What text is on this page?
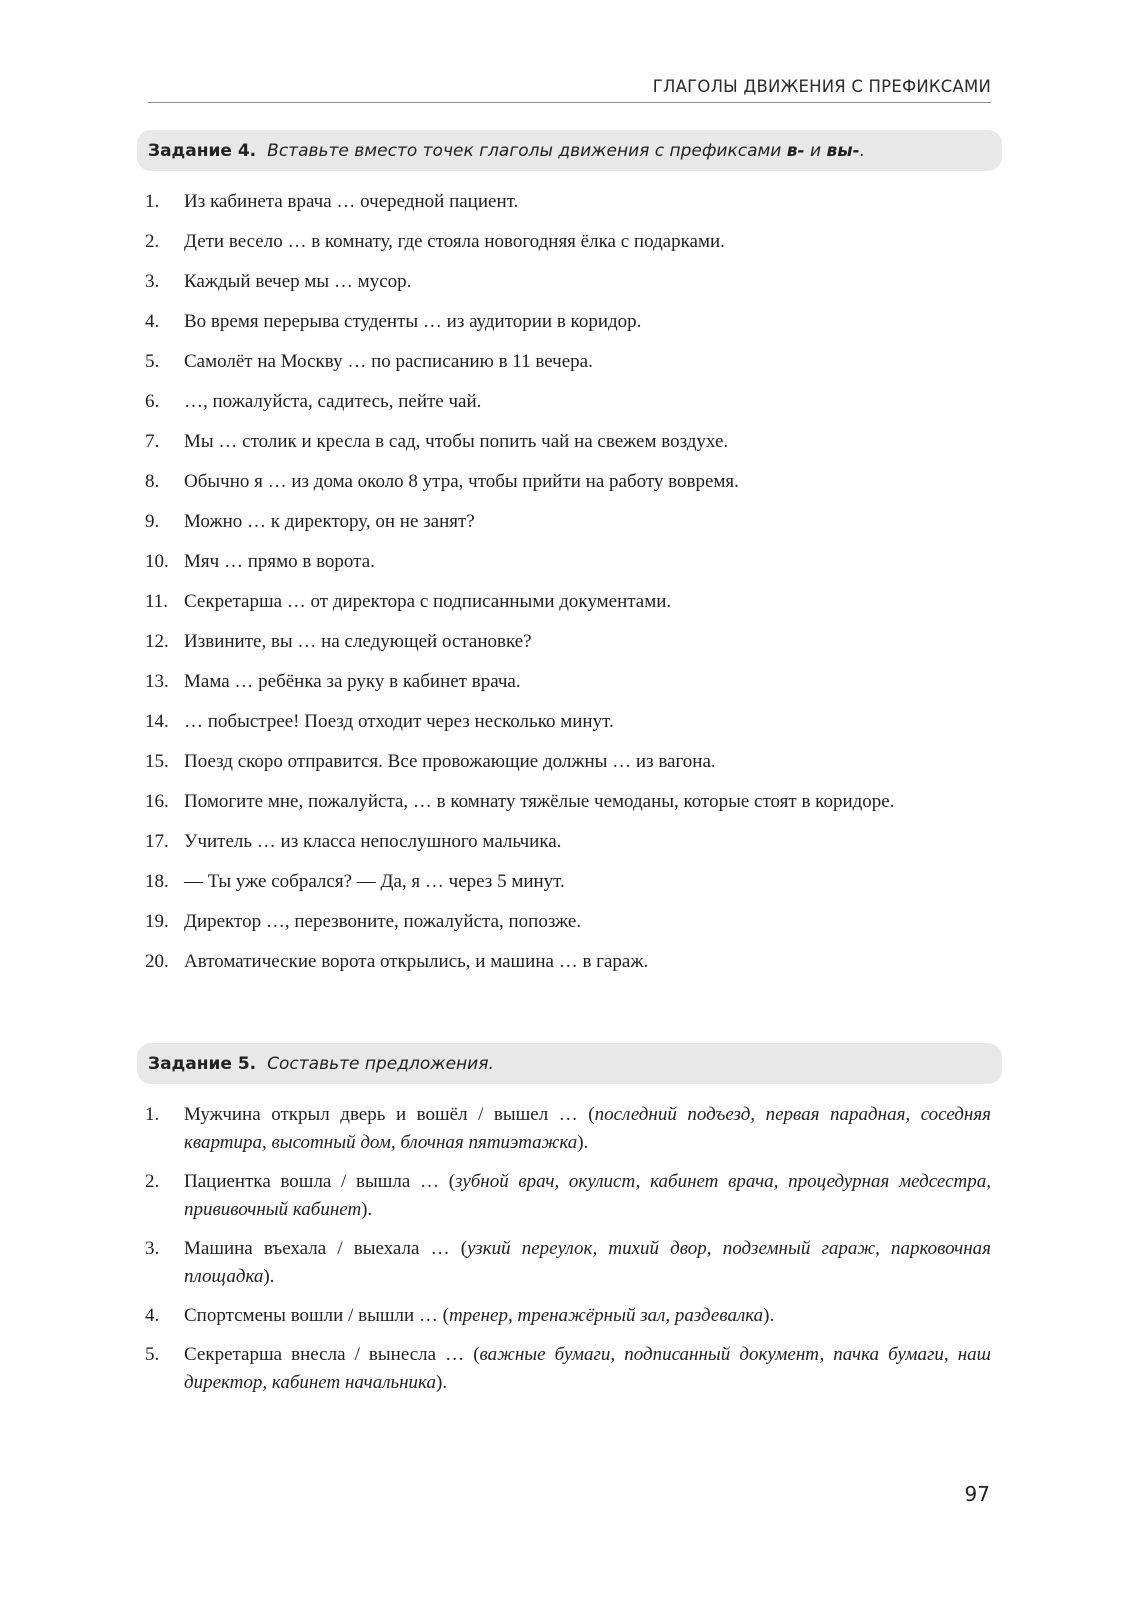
ГЛАГОЛЫ ДВИЖЕНИЯ С ПРЕФИКСАМИ
Задание 4. Вставьте вместо точек глаголы движения с префиксами в- и вы-.
1.	Из кабинета врача … очередной пациент.
2.	Дети весело … в комнату, где стояла новогодняя ёлка с подарками.
3.	Каждый вечер мы … мусор.
4.	Во время перерыва студенты … из аудитории в коридор.
5.	Самолёт на Москву … по расписанию в 11 вечера.
6.	…, пожалуйста, садитесь, пейте чай.
7.	Мы … столик и кресла в сад, чтобы попить чай на свежем воздухе.
8.	Обычно я … из дома около 8 утра, чтобы прийти на работу вовремя.
9.	Можно … к директору, он не занят?
10. Мяч … прямо в ворота.
11. Секретарша … от директора с подписанными документами.
12. Извините, вы … на следующей остановке?
13. Мама … ребёнка за руку в кабинет врача.
14. … побыстрее! Поезд отходит через несколько минут.
15. Поезд скоро отправится. Все провожающие должны … из вагона.
16. Помогите мне, пожалуйста, … в комнату тяжёлые чемоданы, которые стоят в коридоре.
17. Учитель … из класса непослушного мальчика.
18. — Ты уже собрался? — Да, я … через 5 минут.
19. Директор …, перезвоните, пожалуйста, попозже.
20. Автоматические ворота открылись, и машина … в гараж.
Задание 5. Составьте предложения.
1.	Мужчина открыл дверь и вошёл / вышел … (последний подъезд, первая парадная, соседняя квартира, высотный дом, блочная пятиэтажка).
2.	Пациентка вошла / вышла … (зубной врач, окулист, кабинет врача, процедурная медсестра, прививочный кабинет).
3.	Машина въехала / выехала … (узкий переулок, тихий двор, подземный гараж, парковочная площадка).
4.	Спортсмены вошли / вышли … (тренер, тренажёрный зал, раздевалка).
5.	Секретарша внесла / вынесла … (важные бумаги, подписанный документ, пачка бумаги, наш директор, кабинет начальника).
97
